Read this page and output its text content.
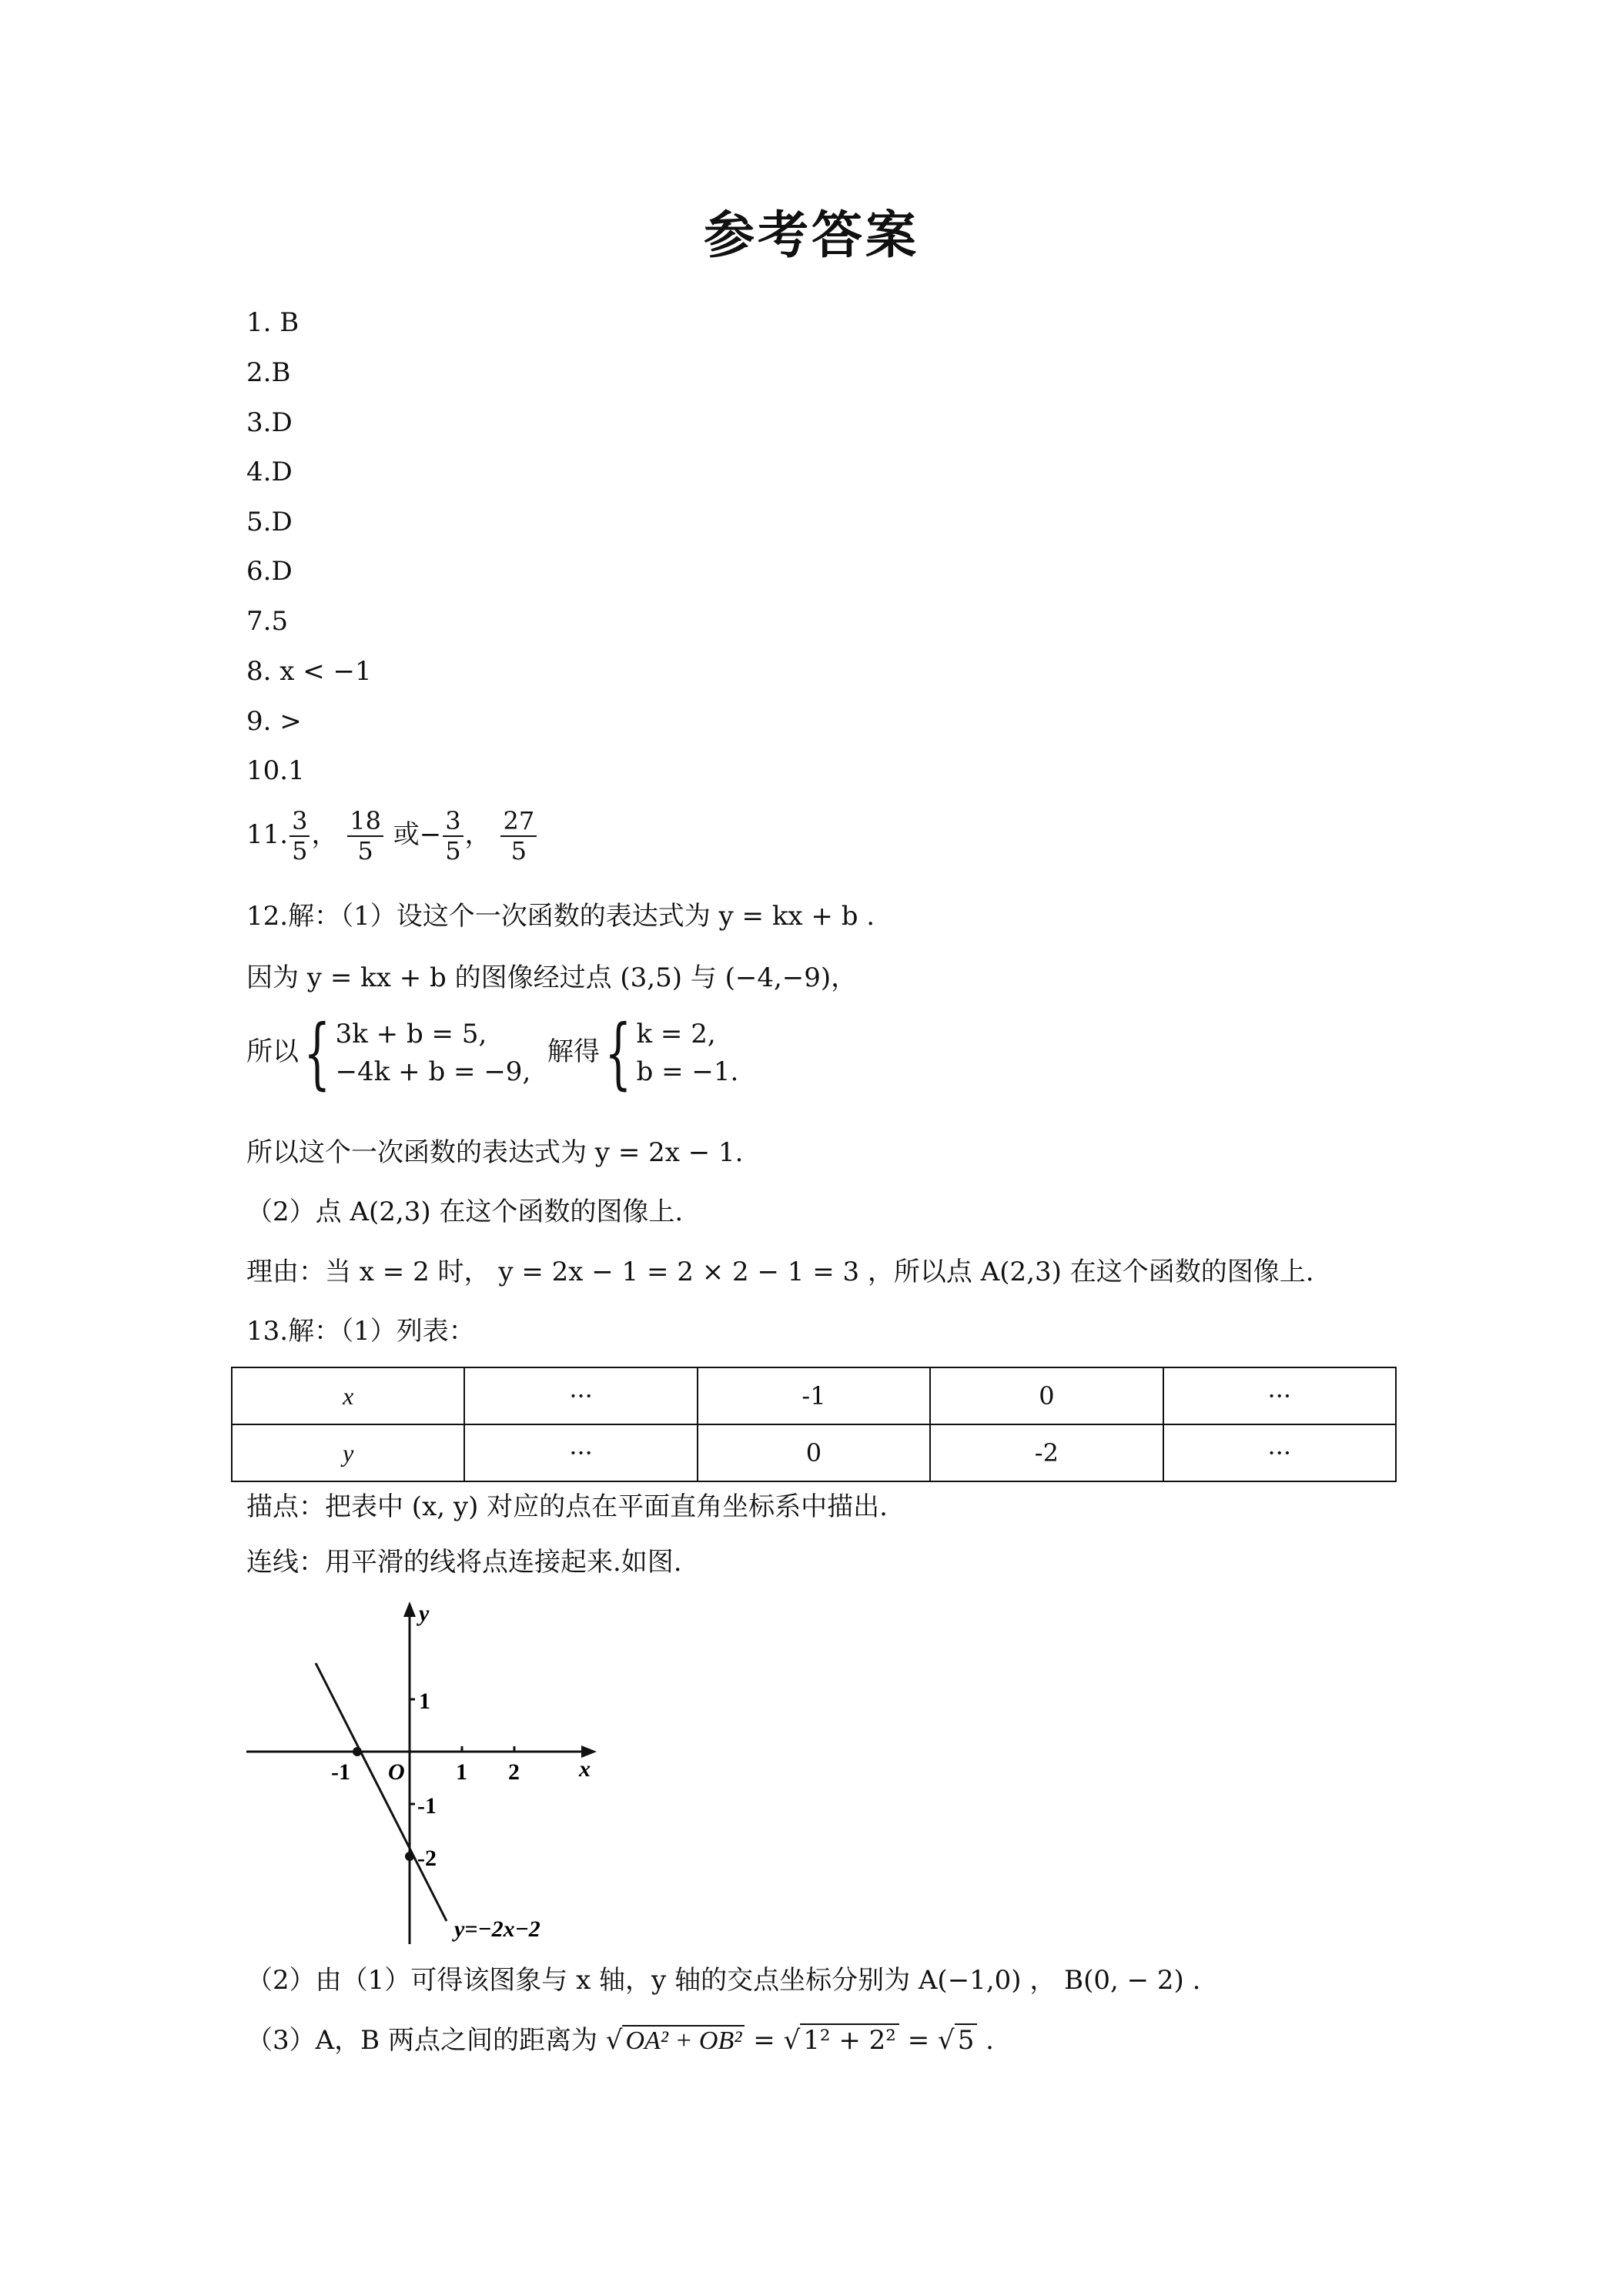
参考答案
1. B
2.B
3.D
4.D
5.D
6.D
7.5
8. x < −1
9. >
10.1
11. $\frac{3}{5}$ ， $\frac{18}{5}$ 或− $\frac{3}{5}$ ， $\frac{27}{5}$
12.解：（1）设这个一次函数的表达式为 y = kx + b .
因为 y = kx + b 的图像经过点 (3,5) 与 (−4,−9)，
所以{ 3k + b = 5,
−4k + b = −9,
解得{ k = 2,
b = −1.
所以这个一次函数的表达式为 y = 2x − 1.
（2）点 A(2,3) 在这个函数的图像上.
理由：当 x = 2 时， y = 2x − 1 = 2 × 2 − 1 = 3 ，所以点 A(2,3) 在这个函数的图像上.
13.解：（1）列表：
x	···	-1	0	···
y	···	0	-2	···
描点：把表中 (x, y) 对应的点在平面直角坐标系中描出.
连线：用平滑的线将点连接起来.如图.
y
x
O
-1	1 2
1
-1
-2
y=−2x−2
（2）由（1）可得该图象与 x 轴，y 轴的交点坐标分别为 A(−1,0) ， B(0, − 2) .
（3）A，B 两点之间的距离为 √ OA² + OB² = √ 1² + 2² = √ 5 .
